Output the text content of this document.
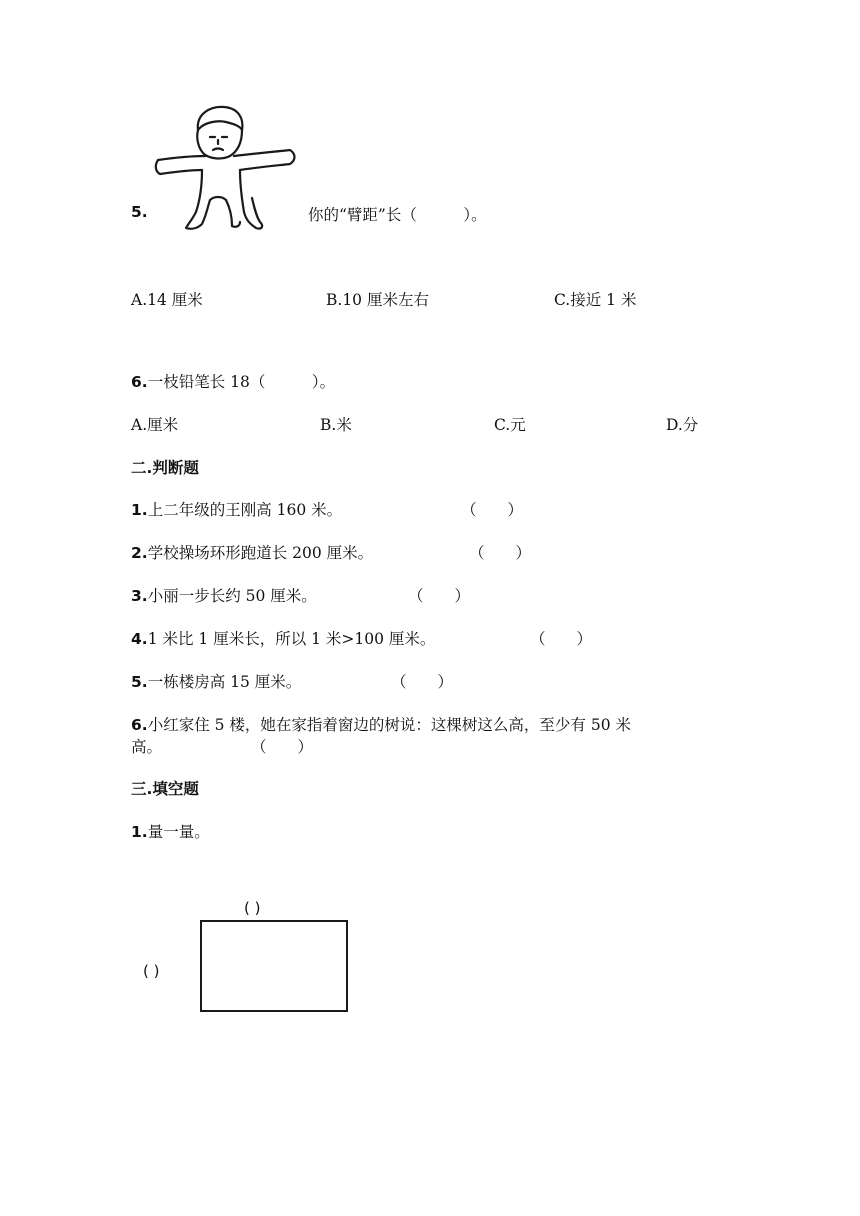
5.	你的“臂距”长（　　　）。
A.14 厘米	B.10 厘米左右	C.接近 1 米
6.一枝铅笔长 18（　　　）。
A.厘米	B.米	C.元	D.分
二.判断题
1.上二年级的王刚高 160 米。	（　　）
2.学校操场环形跑道长 200 厘米。	（　　）
3.小丽一步长约 50 厘米。	（　　）
4.1 米比 1 厘米长，所以 1 米>100 厘米。	（　　）
5.一栋楼房高 15 厘米。	（　　）
6.小红家住 5 楼，她在家指着窗边的树说：这棵树这么高，至少有 50 米
高。	（　　）
三.填空题
1.量一量。
( )
( )
